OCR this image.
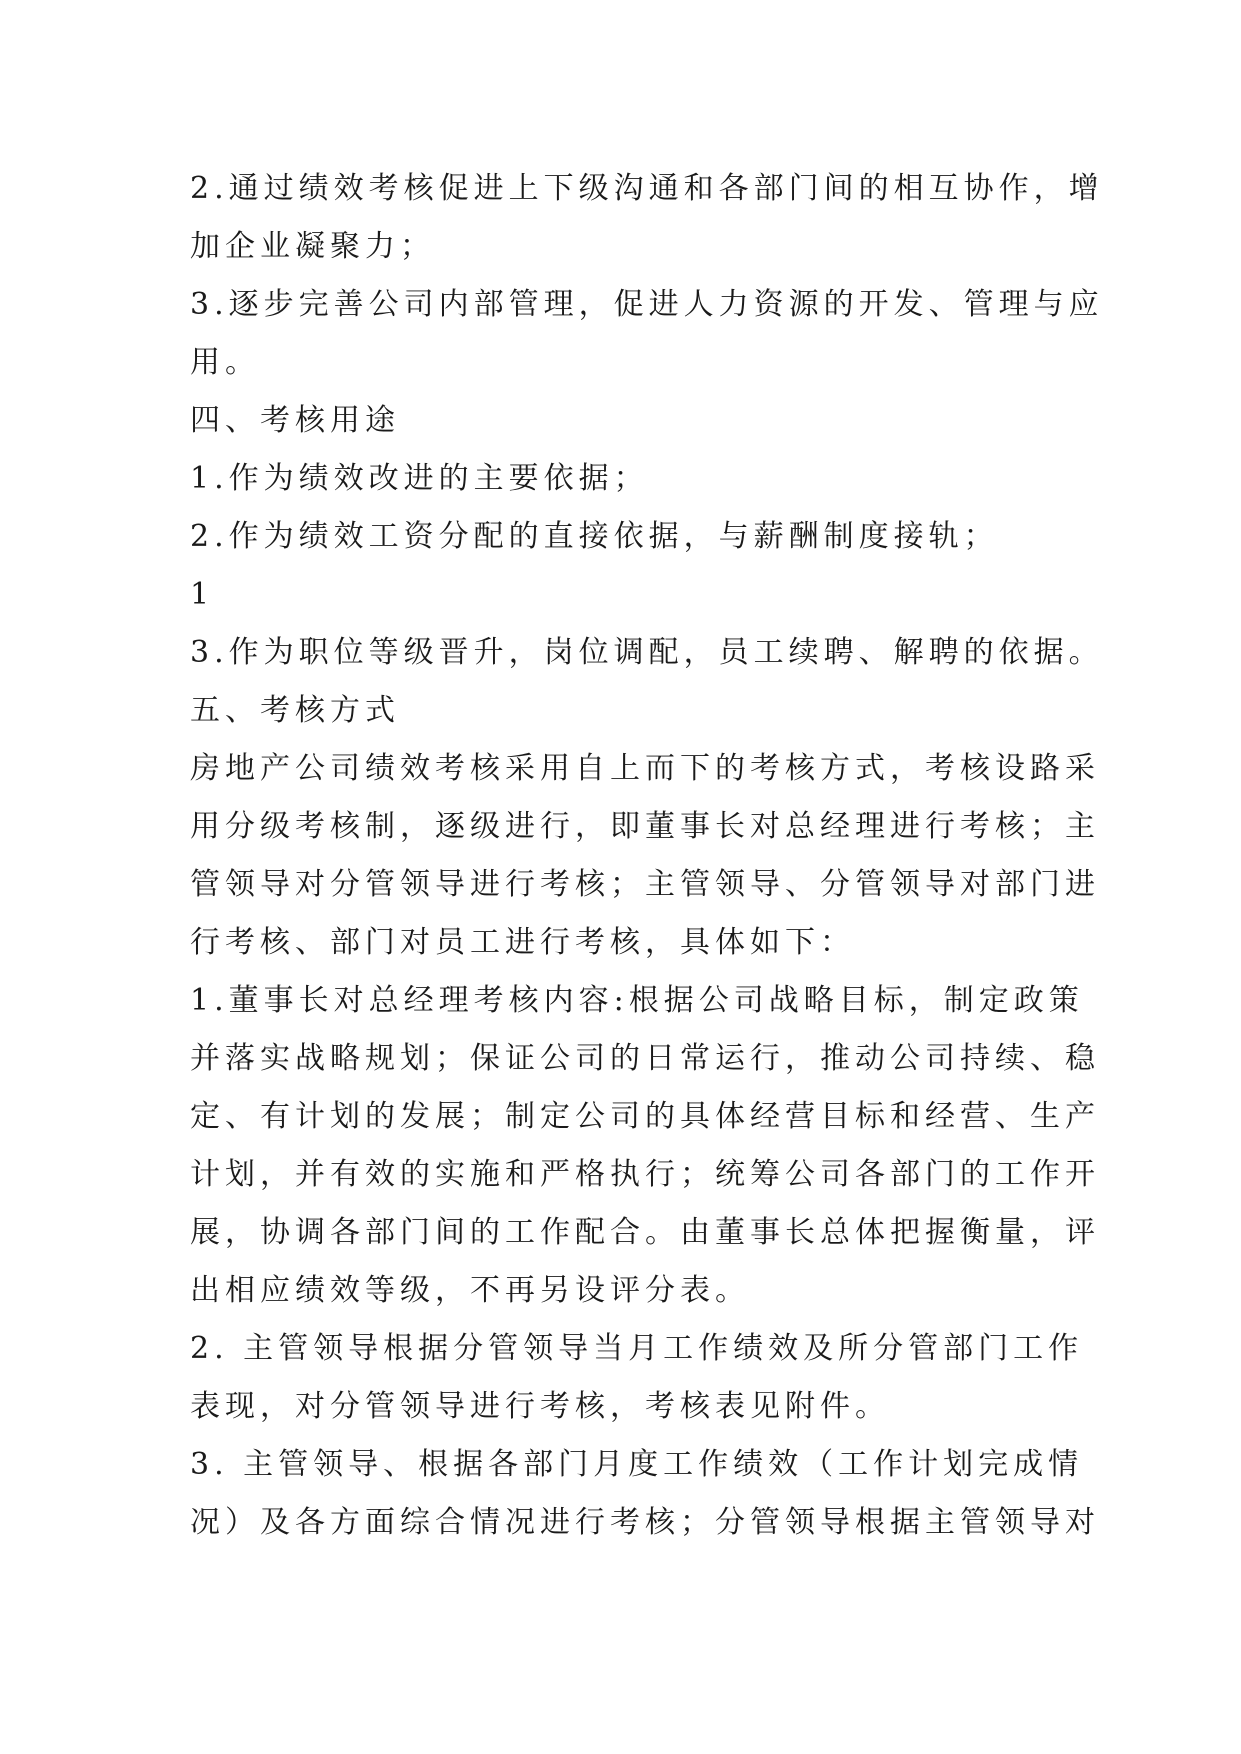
2.通过绩效考核促进上下级沟通和各部门间的相互协作，增
加企业凝聚力；
3.逐步完善公司内部管理，促进人力资源的开发、管理与应
用。
四、考核用途
1.作为绩效改进的主要依据；
2.作为绩效工资分配的直接依据，与薪酬制度接轨；
1
3.作为职位等级晋升，岗位调配，员工续聘、解聘的依据。
五、考核方式
房地产公司绩效考核采用自上而下的考核方式，考核设路采
用分级考核制，逐级进行，即董事长对总经理进行考核；主
管领导对分管领导进行考核；主管领导、分管领导对部门进
行考核、部门对员工进行考核，具体如下：
1.董事长对总经理考核内容:根据公司战略目标，制定政策
并落实战略规划；保证公司的日常运行，推动公司持续、稳
定、有计划的发展；制定公司的具体经营目标和经营、生产
计划，并有效的实施和严格执行；统筹公司各部门的工作开
展，协调各部门间的工作配合。由董事长总体把握衡量，评
出相应绩效等级，不再另设评分表。
2. 主管领导根据分管领导当月工作绩效及所分管部门工作
表现，对分管领导进行考核，考核表见附件。
3. 主管领导、根据各部门月度工作绩效（工作计划完成情
况）及各方面综合情况进行考核；分管领导根据主管领导对
